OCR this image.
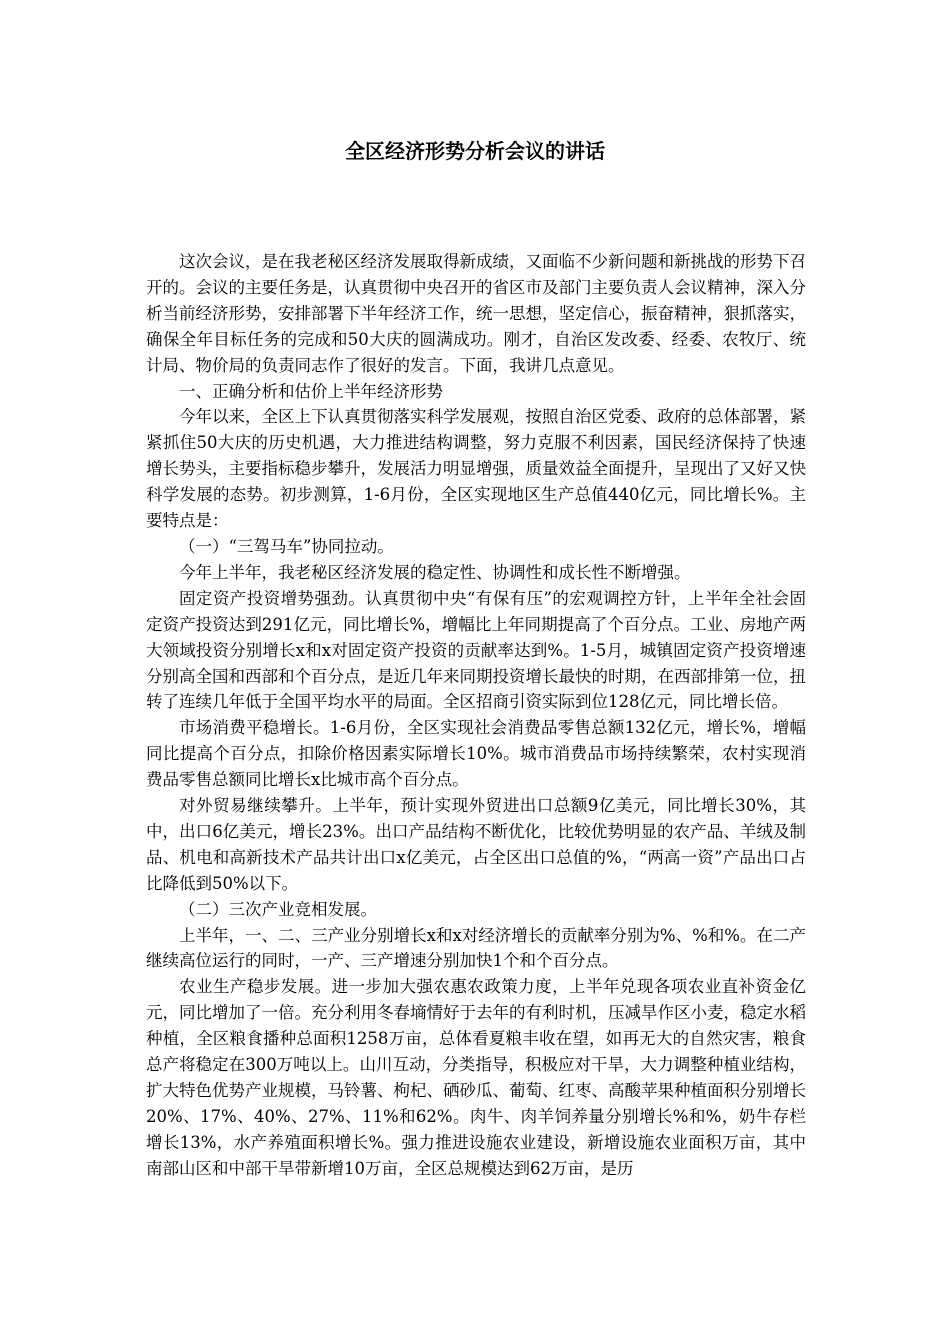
全区经济形势分析会议的讲话

这次会议，是在我老秘区经济发展取得新成绩，又面临不少新问题和新挑战的形势下召开的。会议的主要任务是，认真贯彻中央召开的省区市及部门主要负责人会议精神，深入分析当前经济形势，安排部署下半年经济工作，统一思想，坚定信心，振奋精神，狠抓落实，确保全年目标任务的完成和50大庆的圆满成功。刚才，自治区发改委、经委、农牧厅、统计局、物价局的负责同志作了很好的发言。下面，我讲几点意见。

一、正确分析和估价上半年经济形势

今年以来，全区上下认真贯彻落实科学发展观，按照自治区党委、政府的总体部署，紧紧抓住50大庆的历史机遇，大力推进结构调整，努力克服不利因素，国民经济保持了快速增长势头，主要指标稳步攀升，发展活力明显增强，质量效益全面提升，呈现出了又好又快科学发展的态势。初步测算，1-6月份，全区实现地区生产总值440亿元，同比增长%。主要特点是：

（一）“三驾马车”协同拉动。

今年上半年，我老秘区经济发展的稳定性、协调性和成长性不断增强。

固定资产投资增势强劲。认真贯彻中央“有保有压”的宏观调控方针，上半年全社会固定资产投资达到291亿元，同比增长%，增幅比上年同期提高了个百分点。工业、房地产两大领域投资分别增长x和x对固定资产投资的贡献率达到%。1-5月，城镇固定资产投资增速分别高全国和西部和个百分点，是近几年来同期投资增长最快的时期，在西部排第一位，扭转了连续几年低于全国平均水平的局面。全区招商引资实际到位128亿元，同比增长倍。

市场消费平稳增长。1-6月份，全区实现社会消费品零售总额132亿元，增长%，增幅同比提高个百分点，扣除价格因素实际增长10%。城市消费品市场持续繁荣，农村实现消费品零售总额同比增长x比城市高个百分点。

对外贸易继续攀升。上半年，预计实现外贸进出口总额9亿美元，同比增长30%，其中，出口6亿美元，增长23%。出口产品结构不断优化，比较优势明显的农产品、羊绒及制品、机电和高新技术产品共计出口x亿美元，占全区出口总值的%，“两高一资”产品出口占比降低到50%以下。

（二）三次产业竞相发展。

上半年，一、二、三产业分别增长x和x对经济增长的贡献率分别为%、%和%。在二产继续高位运行的同时，一产、三产增速分别加快1个和个百分点。

农业生产稳步发展。进一步加大强农惠农政策力度，上半年兑现各项农业直补资金亿元，同比增加了一倍。充分利用冬春墒情好于去年的有利时机，压减旱作区小麦，稳定水稻种植，全区粮食播种总面积1258万亩，总体看夏粮丰收在望，如再无大的自然灾害，粮食总产将稳定在300万吨以上。山川互动，分类指导，积极应对干旱，大力调整种植业结构，扩大特色优势产业规模，马铃薯、枸杞、硒砂瓜、葡萄、红枣、高酸苹果种植面积分别增长20%、17%、40%、27%、11%和62%。肉牛、肉羊饲养量分别增长%和%，奶牛存栏增长13%，水产养殖面积增长%。强力推进设施农业建设，新增设施农业面积万亩，其中南部山区和中部干旱带新增10万亩，全区总规模达到62万亩，是历
